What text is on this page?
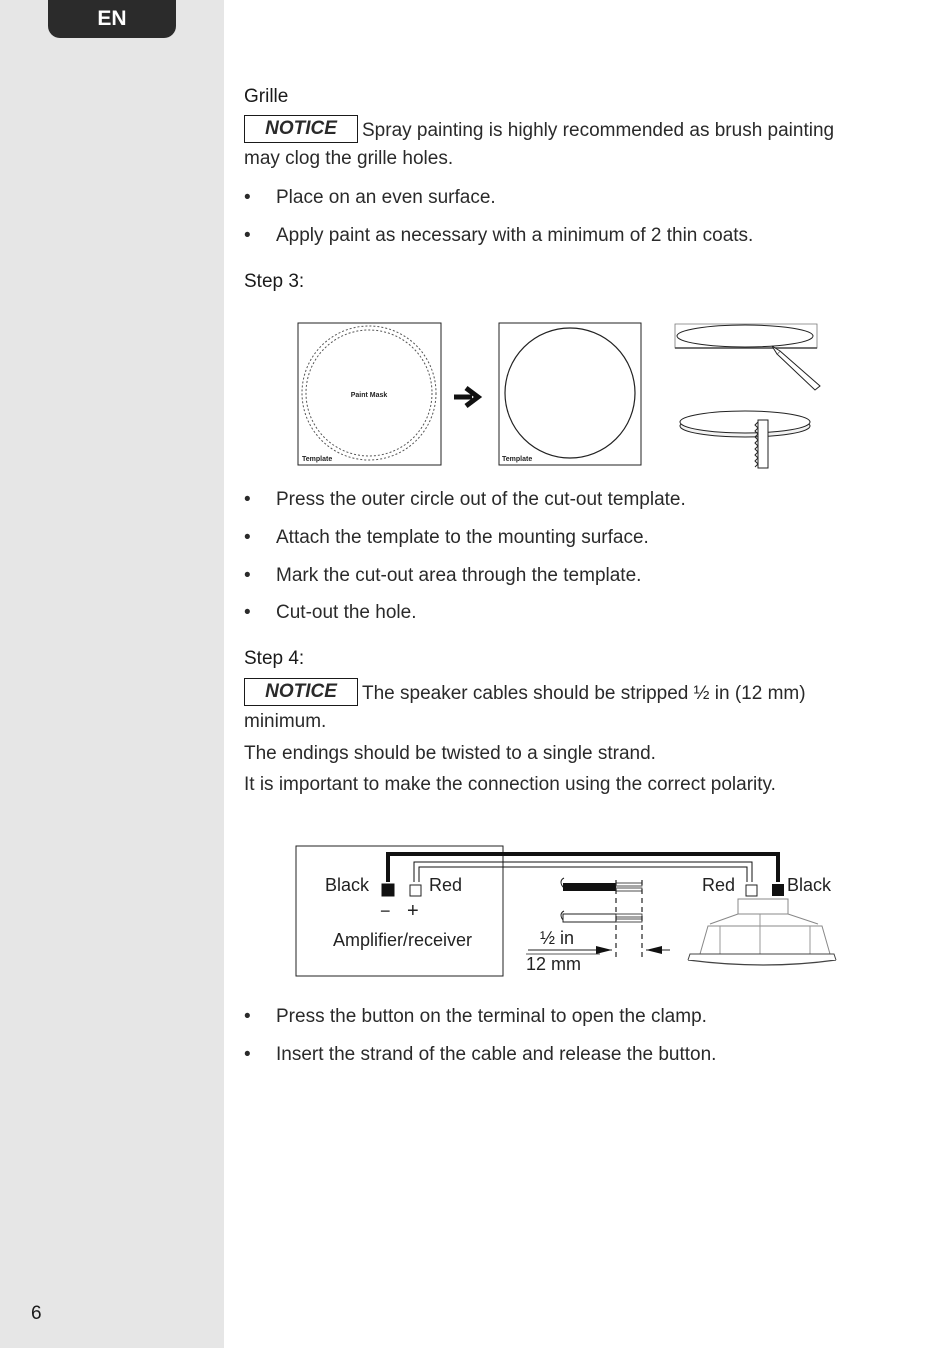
EN
6
Grille
NOTICE Spray painting is highly recommended as brush painting may clog the grille holes.
• Place on an even surface.
• Apply paint as necessary with a minimum of 2 thin coats.
Step 3:
• Press the outer circle out of the cut-out template.
• Attach the template to the mounting surface.
• Mark the cut-out area through the template.
• Cut-out the hole.
Step 4:
NOTICE The speaker cables should be stripped ½ in (12 mm) minimum.
The endings should be twisted to a single strand.
It is important to make the connection using the correct polarity.
• Press the button on the terminal to open the clamp.
• Insert the strand of the cable and release the button.
Paint Mask
Template	Template
Black	Red
− +
Amplifier/receiver	½ in
12 mm
Red	Black
